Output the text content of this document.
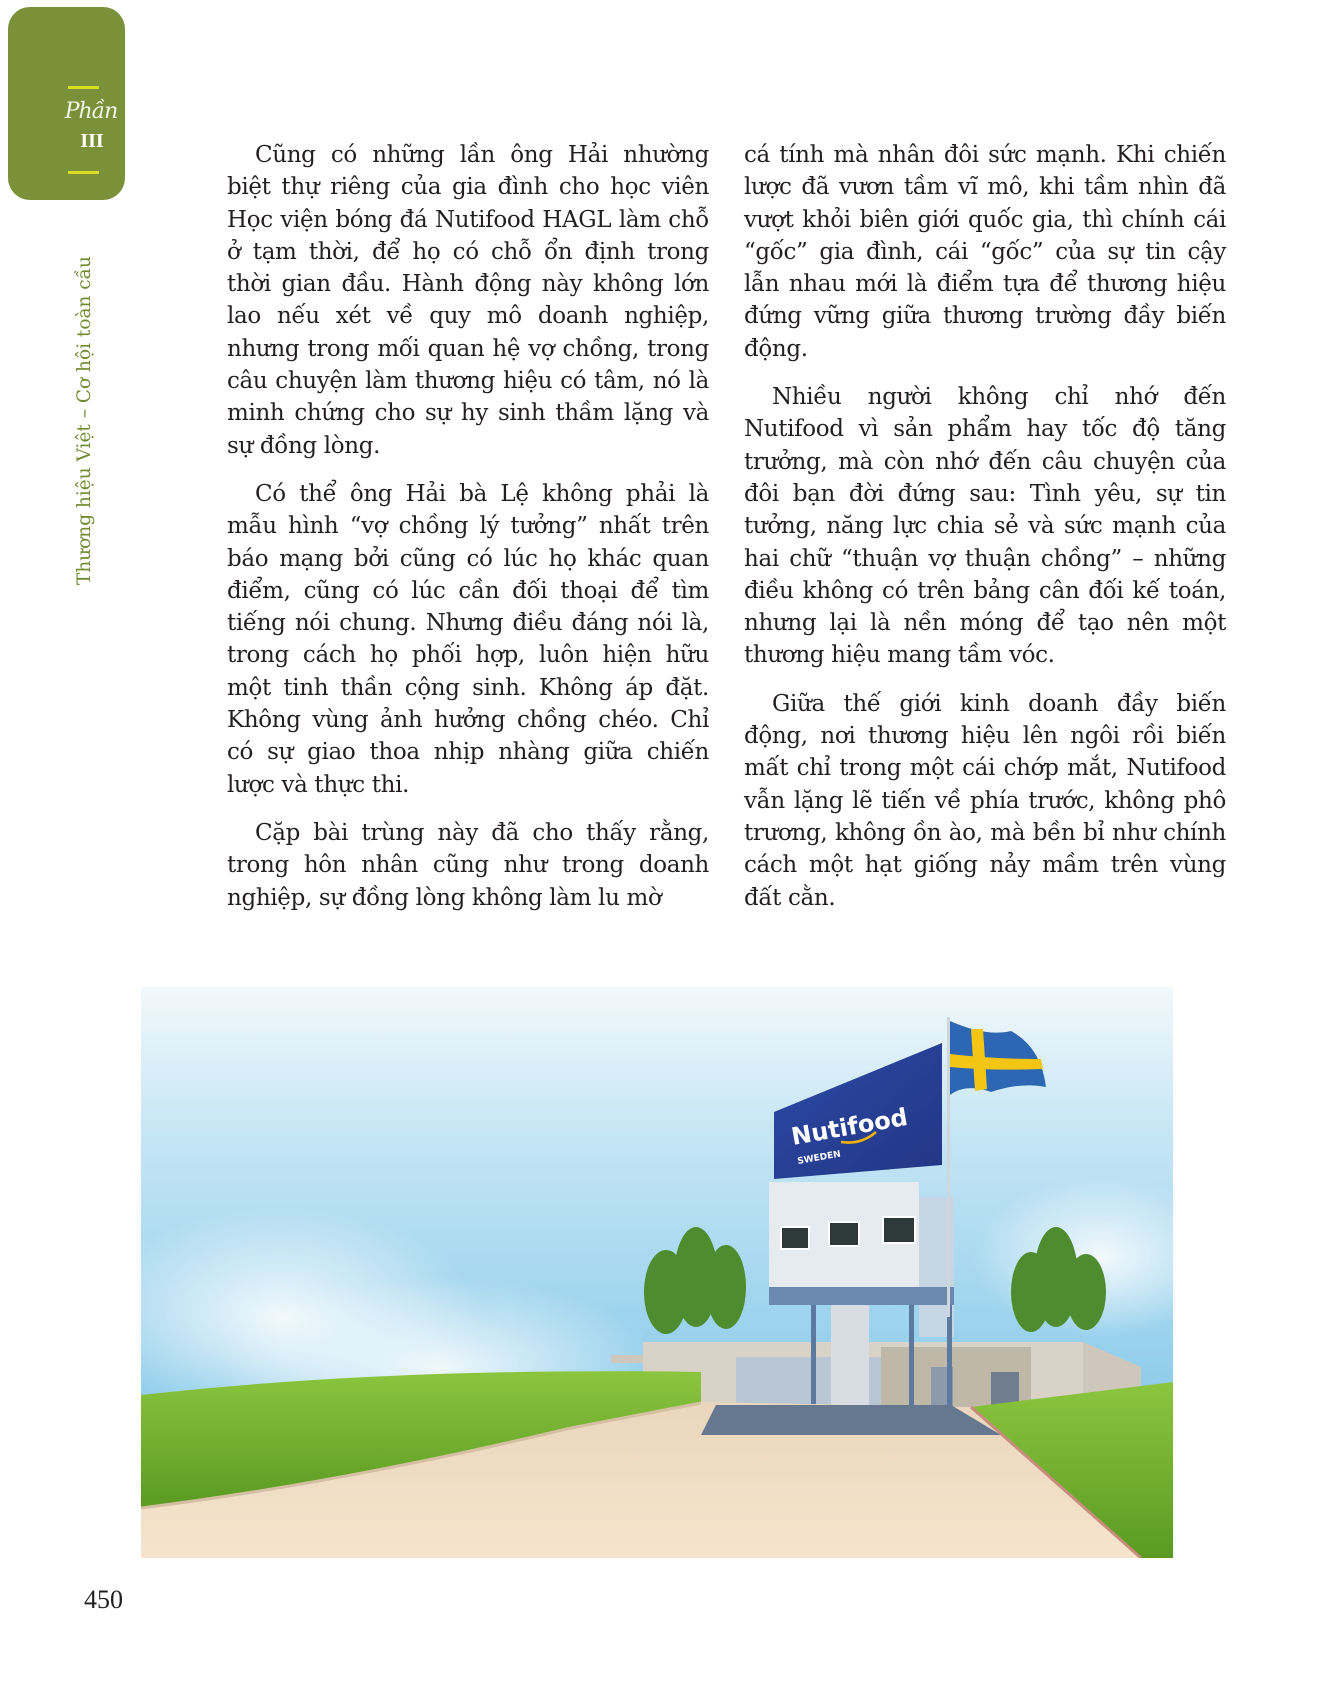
Phần
III
Thương hiệu Việt – Cơ hội toàn cầu

Cũng có những lần ông Hải nhường biệt thự riêng của gia đình cho học viên Học viện bóng đá Nutifood HAGL làm chỗ ở tạm thời, để họ có chỗ ổn định trong thời gian đầu. Hành động này không lớn lao nếu xét về quy mô doanh nghiệp, nhưng trong mối quan hệ vợ chồng, trong câu chuyện làm thương hiệu có tâm, nó là minh chứng cho sự hy sinh thầm lặng và sự đồng lòng.

Có thể ông Hải bà Lệ không phải là mẫu hình “vợ chồng lý tưởng” nhất trên báo mạng bởi cũng có lúc họ khác quan điểm, cũng có lúc cần đối thoại để tìm tiếng nói chung. Nhưng điều đáng nói là, trong cách họ phối hợp, luôn hiện hữu một tinh thần cộng sinh. Không áp đặt. Không vùng ảnh hưởng chồng chéo. Chỉ có sự giao thoa nhịp nhàng giữa chiến lược và thực thi.

Cặp bài trùng này đã cho thấy rằng, trong hôn nhân cũng như trong doanh nghiệp, sự đồng lòng không làm lu mờ

cá tính mà nhân đôi sức mạnh. Khi chiến lược đã vươn tầm vĩ mô, khi tầm nhìn đã vượt khỏi biên giới quốc gia, thì chính cái “gốc” gia đình, cái “gốc” của sự tin cậy lẫn nhau mới là điểm tựa để thương hiệu đứng vững giữa thương trường đầy biến động.

Nhiều người không chỉ nhớ đến Nutifood vì sản phẩm hay tốc độ tăng trưởng, mà còn nhớ đến câu chuyện của đôi bạn đời đứng sau: Tình yêu, sự tin tưởng, năng lực chia sẻ và sức mạnh của hai chữ “thuận vợ thuận chồng” – những điều không có trên bảng cân đối kế toán, nhưng lại là nền móng để tạo nên một thương hiệu mang tầm vóc.

Giữa thế giới kinh doanh đầy biến động, nơi thương hiệu lên ngôi rồi biến mất chỉ trong một cái chớp mắt, Nutifood vẫn lặng lẽ tiến về phía trước, không phô trương, không ồn ào, mà bền bỉ như chính cách một hạt giống nảy mầm trên vùng đất cằn.

Nutifood
SWEDEN
450
